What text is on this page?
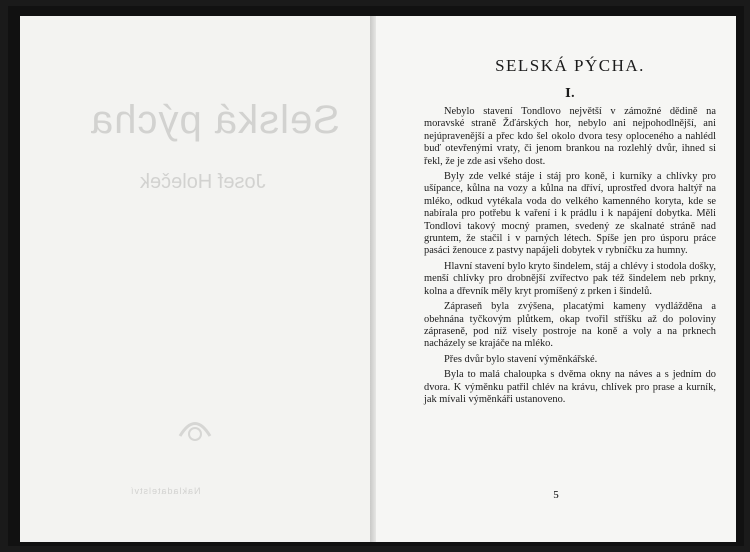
Selská pýcha
Josef Holeček
Nakladatelství
SELSKÁ PÝCHA.
I.

Nebylo stavení Tondlovo největší v zámožné dědině na moravské straně Žďárských hor, nebylo ani nejpohodlnější, ani nejúpravenější a přec kdo šel okolo dvora tesy oploceného a nahlédl buď otevřenými vraty, či jenom brankou na rozlehlý dvůr, ihned si řekl, že je zde asi všeho dost.

Byly zde velké stáje i stáj pro koně, i kurníky a chlívky pro ušípance, kůlna na vozy a kůlna na dříví, uprostřed dvora haltýř na mléko, odkud vytékala voda do velkého kamenného koryta, kde se nabírala pro potřebu k vaření i k prádlu i k napájení dobytka. Měli Tondlovi takový mocný pramen, svedený ze skalnaté stráně nad gruntem, že stačil i v parných létech. Spíše jen pro úsporu práce pasáci ženouce z pastvy napájeli dobytek v rybníčku za humny.

Hlavní stavení bylo kryto šindelem, stáj a chlévy i stodola došky, menší chlívky pro drobnější zvířectvo pak též šindelem neb prkny, kolna a dřevník měly kryt promíšený z prken i šindelů.

Zápraseň byla zvýšena, placatými kameny vydlážděna a obehnána tyčkovým plůtkem, okap tvořil stříšku až do poloviny zápraseně, pod níž visely postroje na koně a voly a na prknech nacházely se krajáče na mléko.

Přes dvůr bylo stavení výměnkářské.

Byla to malá chaloupka s dvěma okny na náves a s jedním do dvora. K výměnku patřil chlév na krávu, chlívek pro prase a kurník, jak mívali výměnkáři ustanoveno.

5
